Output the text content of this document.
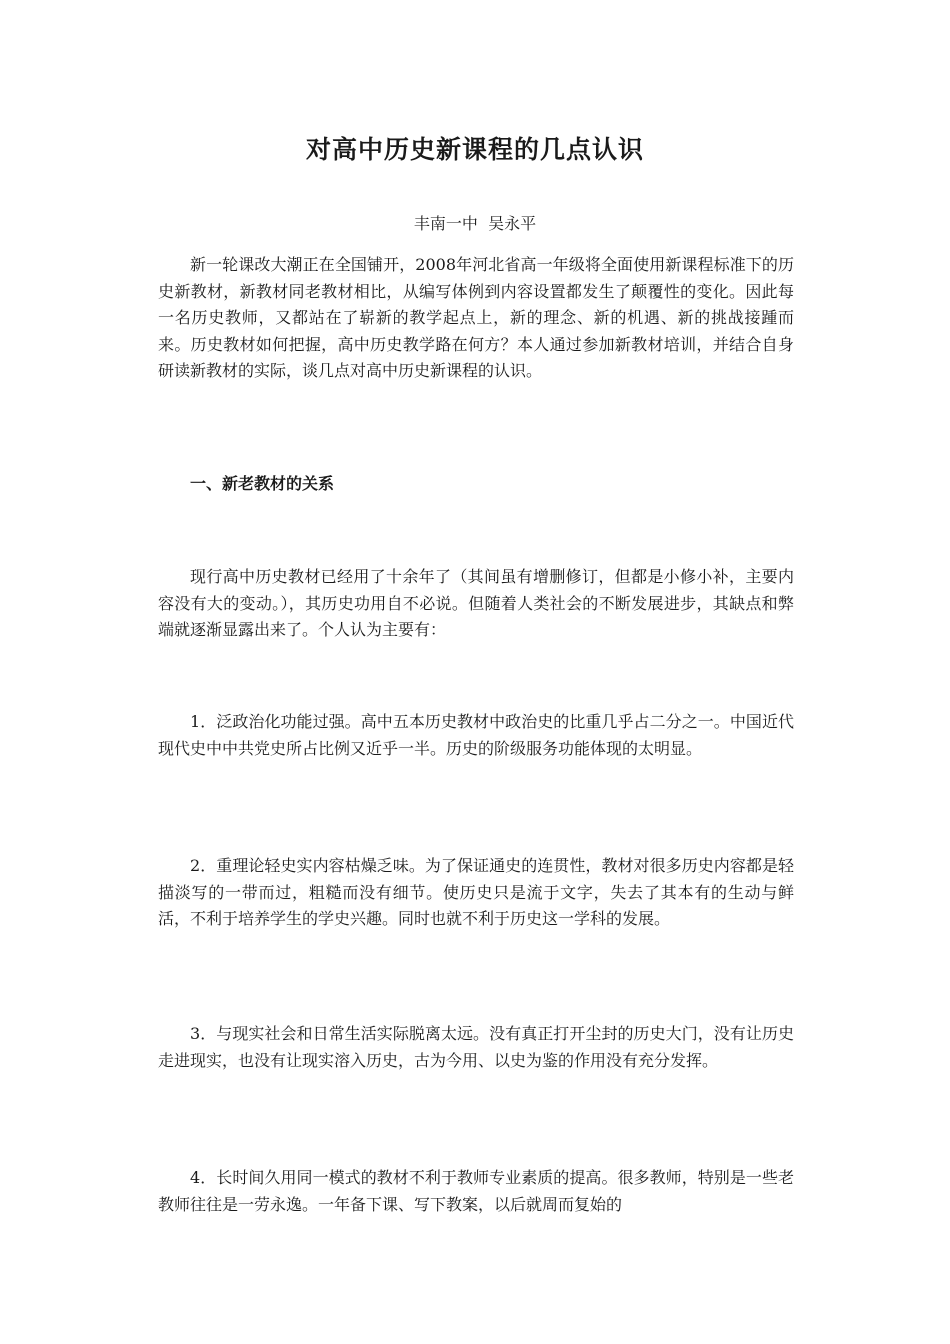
对高中历史新课程的几点认识
丰南一中  吴永平

新一轮课改大潮正在全国铺开，2008年河北省高一年级将全面使用新课程标准下的历史新教材，新教材同老教材相比，从编写体例到内容设置都发生了颠覆性的变化。因此每一名历史教师，又都站在了崭新的教学起点上，新的理念、新的机遇、新的挑战接踵而来。历史教材如何把握，高中历史教学路在何方？本人通过参加新教材培训，并结合自身研读新教材的实际，谈几点对高中历史新课程的认识。

一、新老教材的关系

现行高中历史教材已经用了十余年了（其间虽有增删修订，但都是小修小补，主要内容没有大的变动。），其历史功用自不必说。但随着人类社会的不断发展进步，其缺点和弊端就逐渐显露出来了。个人认为主要有：

1．泛政治化功能过强。高中五本历史教材中政治史的比重几乎占二分之一。中国近代现代史中中共党史所占比例又近乎一半。历史的阶级服务功能体现的太明显。

2．重理论轻史实内容枯燥乏味。为了保证通史的连贯性，教材对很多历史内容都是轻描淡写的一带而过，粗糙而没有细节。使历史只是流于文字，失去了其本有的生动与鲜活，不利于培养学生的学史兴趣。同时也就不利于历史这一学科的发展。

3．与现实社会和日常生活实际脱离太远。没有真正打开尘封的历史大门，没有让历史走进现实，也没有让现实溶入历史，古为今用、以史为鉴的作用没有充分发挥。

4．长时间久用同一模式的教材不利于教师专业素质的提高。很多教师，特别是一些老教师往往是一劳永逸。一年备下课、写下教案，以后就周而复始的
